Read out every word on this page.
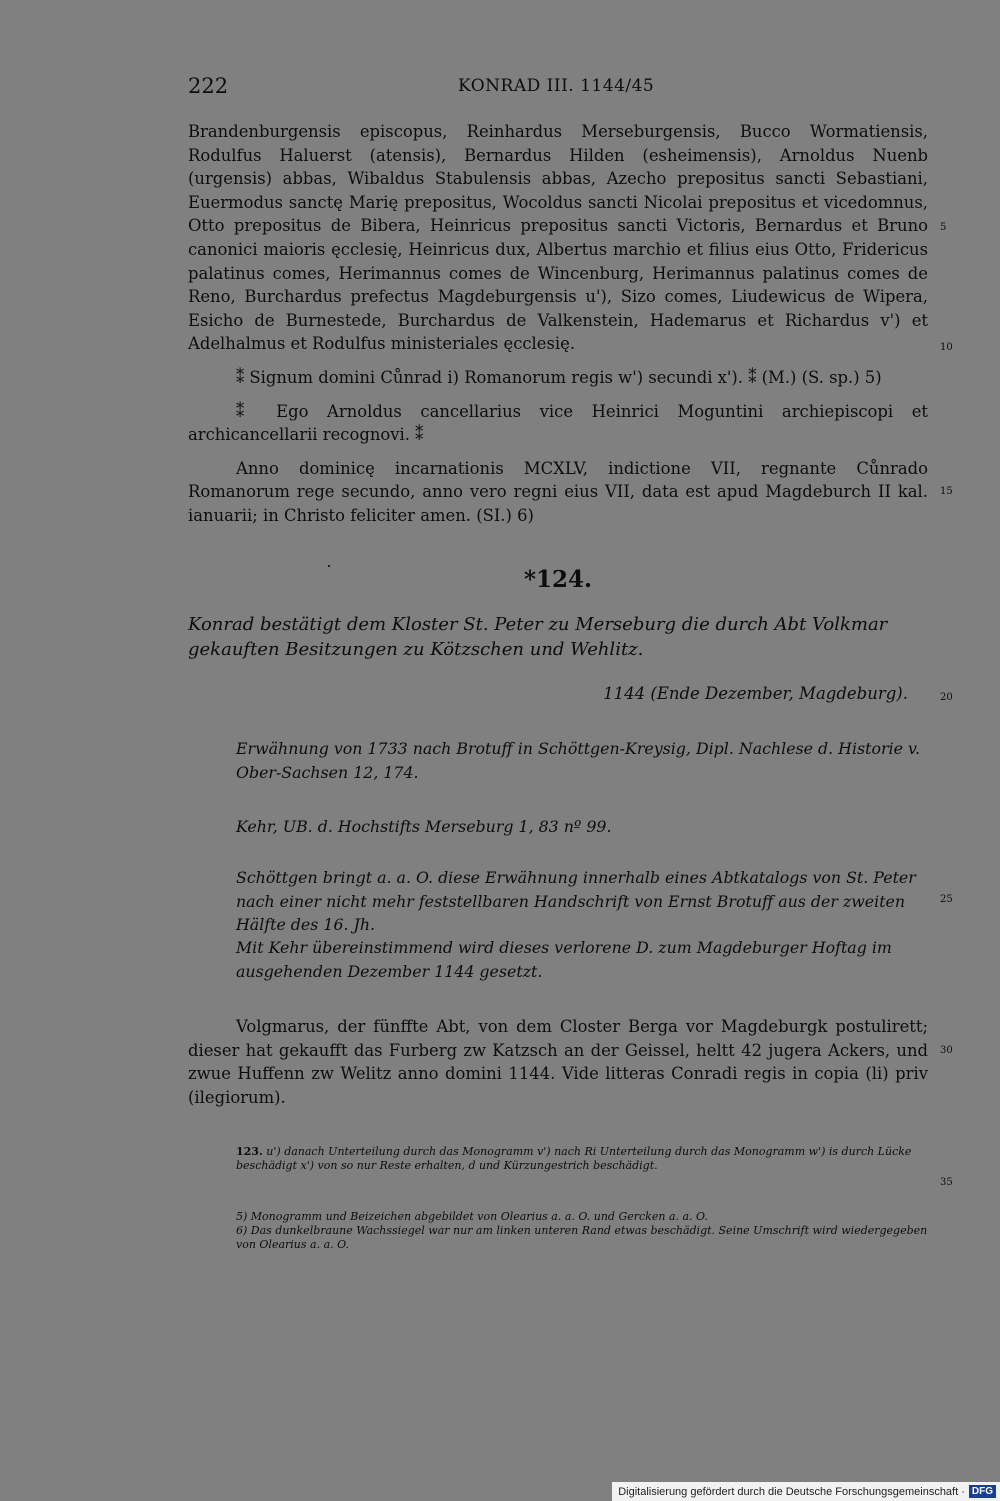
222	KONRAD III. 1144/45

Brandenburgensis episcopus, Reinhardus Merseburgensis, Bucco Wormatiensis, Rodulfus Haluerst (atensis), Bernardus Hilden (esheimensis), Arnoldus Nuenb (urgensis) abbas, Wibaldus Stabulensis abbas, Azecho prepositus sancti Sebastiani, Euermodus sanctę Marię prepositus, Wocoldus sancti Nicolai prepositus et vicedomnus, Otto prepositus de Bibera, Heinricus prepositus sancti Victoris, Bernardus et Bruno canonici maioris ęcclesię, Heinricus dux, Albertus marchio et filius eius Otto, Fridericus palatinus comes, Herimannus comes de Wincenburg, Herimannus palatinus comes de Reno, Burchardus prefectus Magdeburgensis u'), Sizo comes, Liudewicus de Wipera, Esicho de Burnestede, Burchardus de Valkenstein, Hademarus et Richardus v') et Adelhalmus et Rodulfus ministeriales ęcclesię.

⁑ Signum domini Cůnrad i) Romanorum regis w') secundi x'). ⁑ (M.) (S. sp.) 5)

⁑ Ego Arnoldus cancellarius vice Heinrici Moguntini archiepiscopi et archicancellarii recognovi. ⁑

Anno dominicę incarnationis MCXLV, indictione VII, regnante Cůnrado Romanorum rege secundo, anno vero regni eius VII, data est apud Magdeburch II kal. ianuarii; in Christo feliciter amen. (SI.) 6)

*124.
Konrad bestätigt dem Kloster St. Peter zu Merseburg die durch Abt Volkmar gekauften Besitzungen zu Kötzschen und Wehlitz.
1144 (Ende Dezember, Magdeburg).
Erwähnung von 1733 nach Brotuff in Schöttgen-Kreysig, Dipl. Nachlese d. Historie v. Ober-Sachsen 12, 174.
Kehr, UB. d. Hochstifts Merseburg 1, 83 nº 99.
Schöttgen bringt a. a. O. diese Erwähnung innerhalb eines Abtkatalogs von St. Peter nach einer nicht mehr feststellbaren Handschrift von Ernst Brotuff aus der zweiten Hälfte des 16. Jh.
Mit Kehr übereinstimmend wird dieses verlorene D. zum Magdeburger Hoftag im ausgehenden Dezember 1144 gesetzt.
Volgmarus, der fünffte Abt, von dem Closter Berga vor Magdeburgk postulirett; dieser hat gekaufft das Furberg zw Katzsch an der Geissel, heltt 42 jugera Ackers, und zwue Huffenn zw Welitz anno domini 1144. Vide litteras Conradi regis in copia (li) priv (ilegiorum).
123. u') danach Unterteilung durch das Monogramm v') nach Ri Unterteilung durch das Monogramm w') is durch Lücke beschädigt x') von so nur Reste erhalten, d und Kürzungestrich beschädigt.
5) Monogramm und Beizeichen abgebildet von Olearius a. a. O. und Gercken a. a. O.
6) Das dunkelbraune Wachssiegel war nur am linken unteren Rand etwas beschädigt. Seine Umschrift wird wiedergegeben von Olearius a. a. O.
5
10
15
20
25
30
35
Digitalisierung gefördert durch die Deutsche Forschungsgemeinschaft · DFG
